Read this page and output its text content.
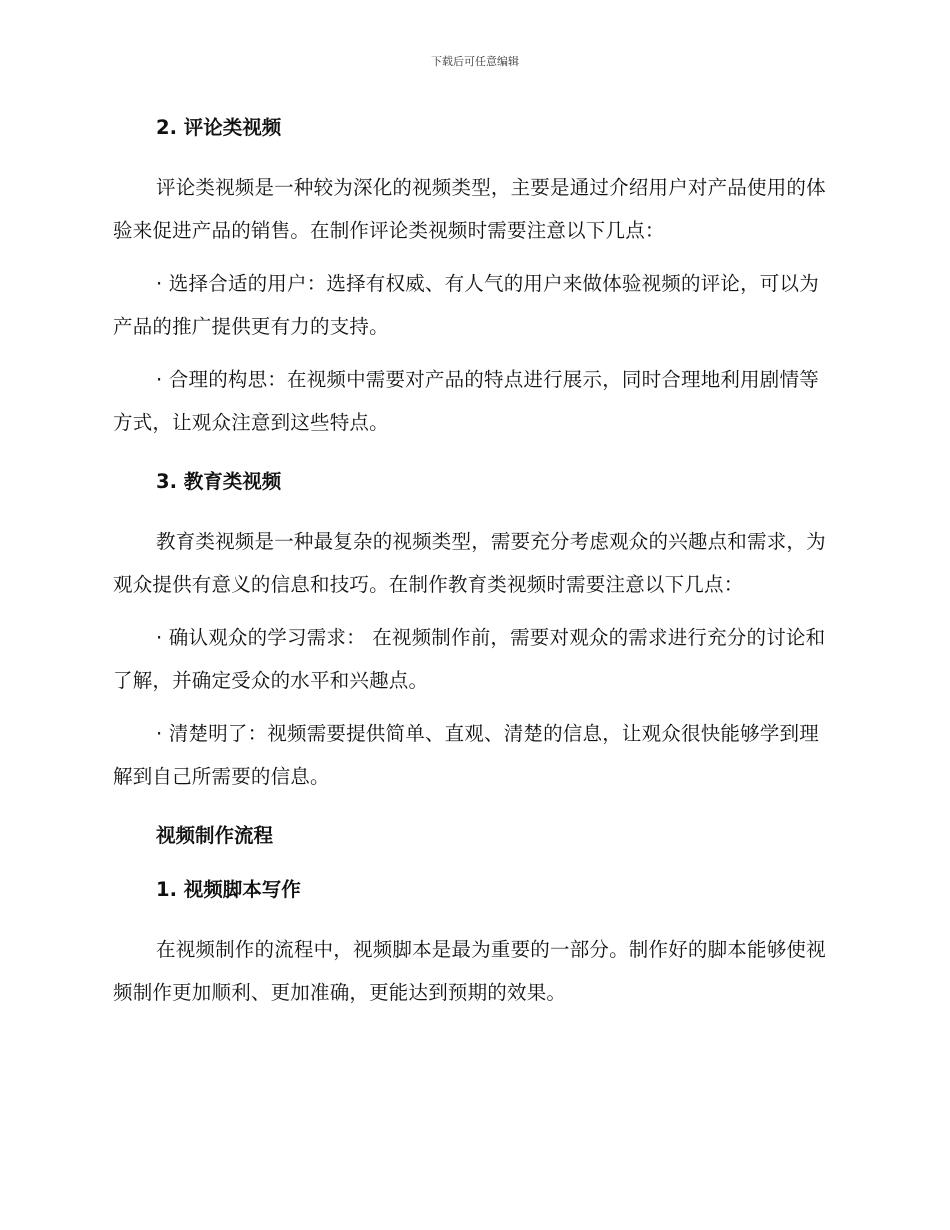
下载后可任意编辑
2. 评论类视频
评论类视频是一种较为深化的视频类型，主要是通过介绍用户对产品使用的体验来促进产品的销售。在制作评论类视频时需要注意以下几点：
· 选择合适的用户：选择有权威、有人气的用户来做体验视频的评论，可以为产品的推广提供更有力的支持。
· 合理的构思：在视频中需要对产品的特点进行展示，同时合理地利用剧情等方式，让观众注意到这些特点。
3. 教育类视频
教育类视频是一种最复杂的视频类型，需要充分考虑观众的兴趣点和需求，为观众提供有意义的信息和技巧。在制作教育类视频时需要注意以下几点：
· 确认观众的学习需求： 在视频制作前，需要对观众的需求进行充分的讨论和了解，并确定受众的水平和兴趣点。
· 清楚明了：视频需要提供简单、直观、清楚的信息，让观众很快能够学到理解到自己所需要的信息。
视频制作流程
1. 视频脚本写作
在视频制作的流程中，视频脚本是最为重要的一部分。制作好的脚本能够使视频制作更加顺利、更加准确，更能达到预期的效果。
